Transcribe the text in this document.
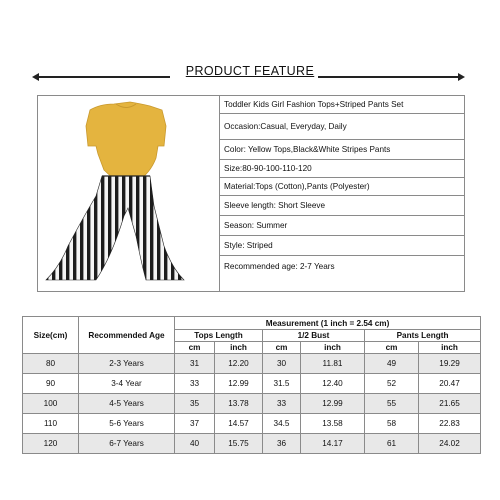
PRODUCT FEATURE
Toddler Kids Girl Fashion Tops+Striped Pants Set
Occasion:Casual, Everyday, Daily
Color: Yellow Tops,Black&White Stripes Pants
Size:80-90-100-110-120
Material:Tops (Cotton),Pants (Polyester)
Sleeve length: Short Sleeve
Season: Summer
Style: Striped
Recommended age: 2-7 Years
Size(cm)	Recommended Age	Measurement (1 inch = 2.54 cm)					
		Tops Length		1/2 Bust		Pants Length	
		cm	inch	cm	inch	cm	inch
80	2-3 Years	31	12.20	30	11.81	49	19.29
90	3-4 Year	33	12.99	31.5	12.40	52	20.47
100	4-5 Years	35	13.78	33	12.99	55	21.65
110	5-6 Years	37	14.57	34.5	13.58	58	22.83
120	6-7 Years	40	15.75	36	14.17	61	24.02
